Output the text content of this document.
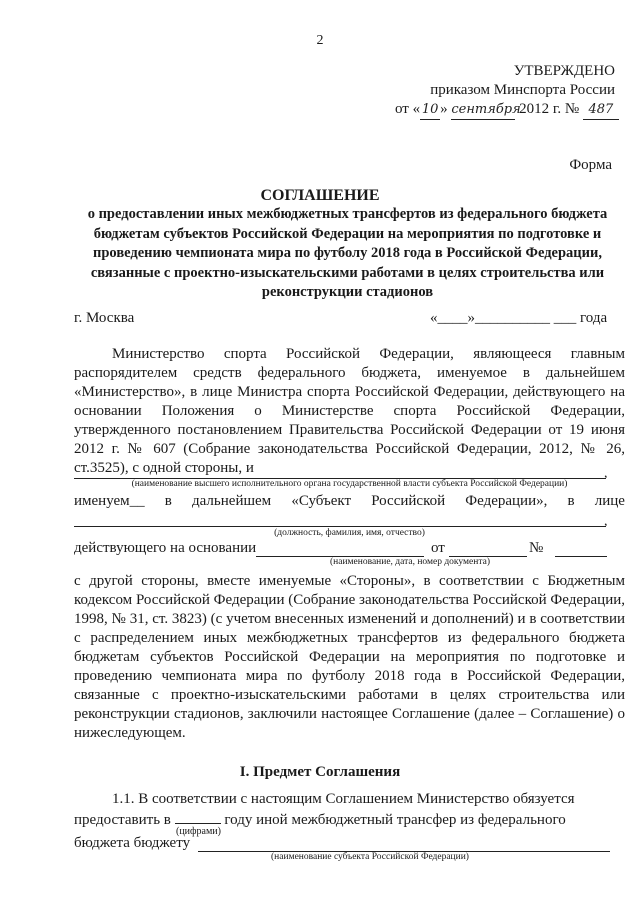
2
УТВЕРЖДЕНО
приказом Минспорта России
от « 10 » сентября 2012 г. № 487
Форма
СОГЛАШЕНИЕ
о предоставлении иных межбюджетных трансфертов из федерального бюджета бюджетам субъектов Российской Федерации на мероприятия по подготовке и проведению чемпионата мира по футболу 2018 года в Российской Федерации, связанные с проектно-изыскательскими работами в целях строительства или реконструкции стадионов
г. Москва	«____»__________ ___ года
Министерство спорта Российской Федерации, являющееся главным распорядителем средств федерального бюджета, именуемое в дальнейшем «Министерство», в лице Министра спорта Российской Федерации, действующего на основании Положения о Министерстве спорта Российской Федерации, утвержденного постановлением Правительства Российской Федерации от 19 июня 2012 г. № 607 (Собрание законодательства Российской Федерации, 2012, № 26, ст.3525), с одной стороны, и	,
(наименование высшего исполнительного органа государственной власти субъекта Российской Федерации)
именуем__ в дальнейшем «Субъект Российской Федерации», в лице
,
(должность, фамилия, имя, отчество)
действующего на основании	от	№
(наименование, дата, номер документа)
с другой стороны, вместе именуемые «Стороны», в соответствии с Бюджетным кодексом Российской Федерации (Собрание законодательства Российской Федерации, 1998, № 31, ст. 3823) (с учетом внесенных изменений и дополнений) и в соответствии с распределением иных межбюджетных трансфертов из федерального бюджета бюджетам субъектов Российской Федерации на мероприятия по подготовке и проведению чемпионата мира по футболу 2018 года в Российской Федерации, связанные с проектно-изыскательскими работами в целях строительства или реконструкции стадионов, заключили настоящее Соглашение (далее – Соглашение) о нижеследующем.
I. Предмет Соглашения
1.1. В соответствии с настоящим Соглашением Министерство обязуется
предоставить в	году иной межбюджетный трансфер из федерального
(цифрами)
бюджета бюджету
(наименование субъекта Российской Федерации)
